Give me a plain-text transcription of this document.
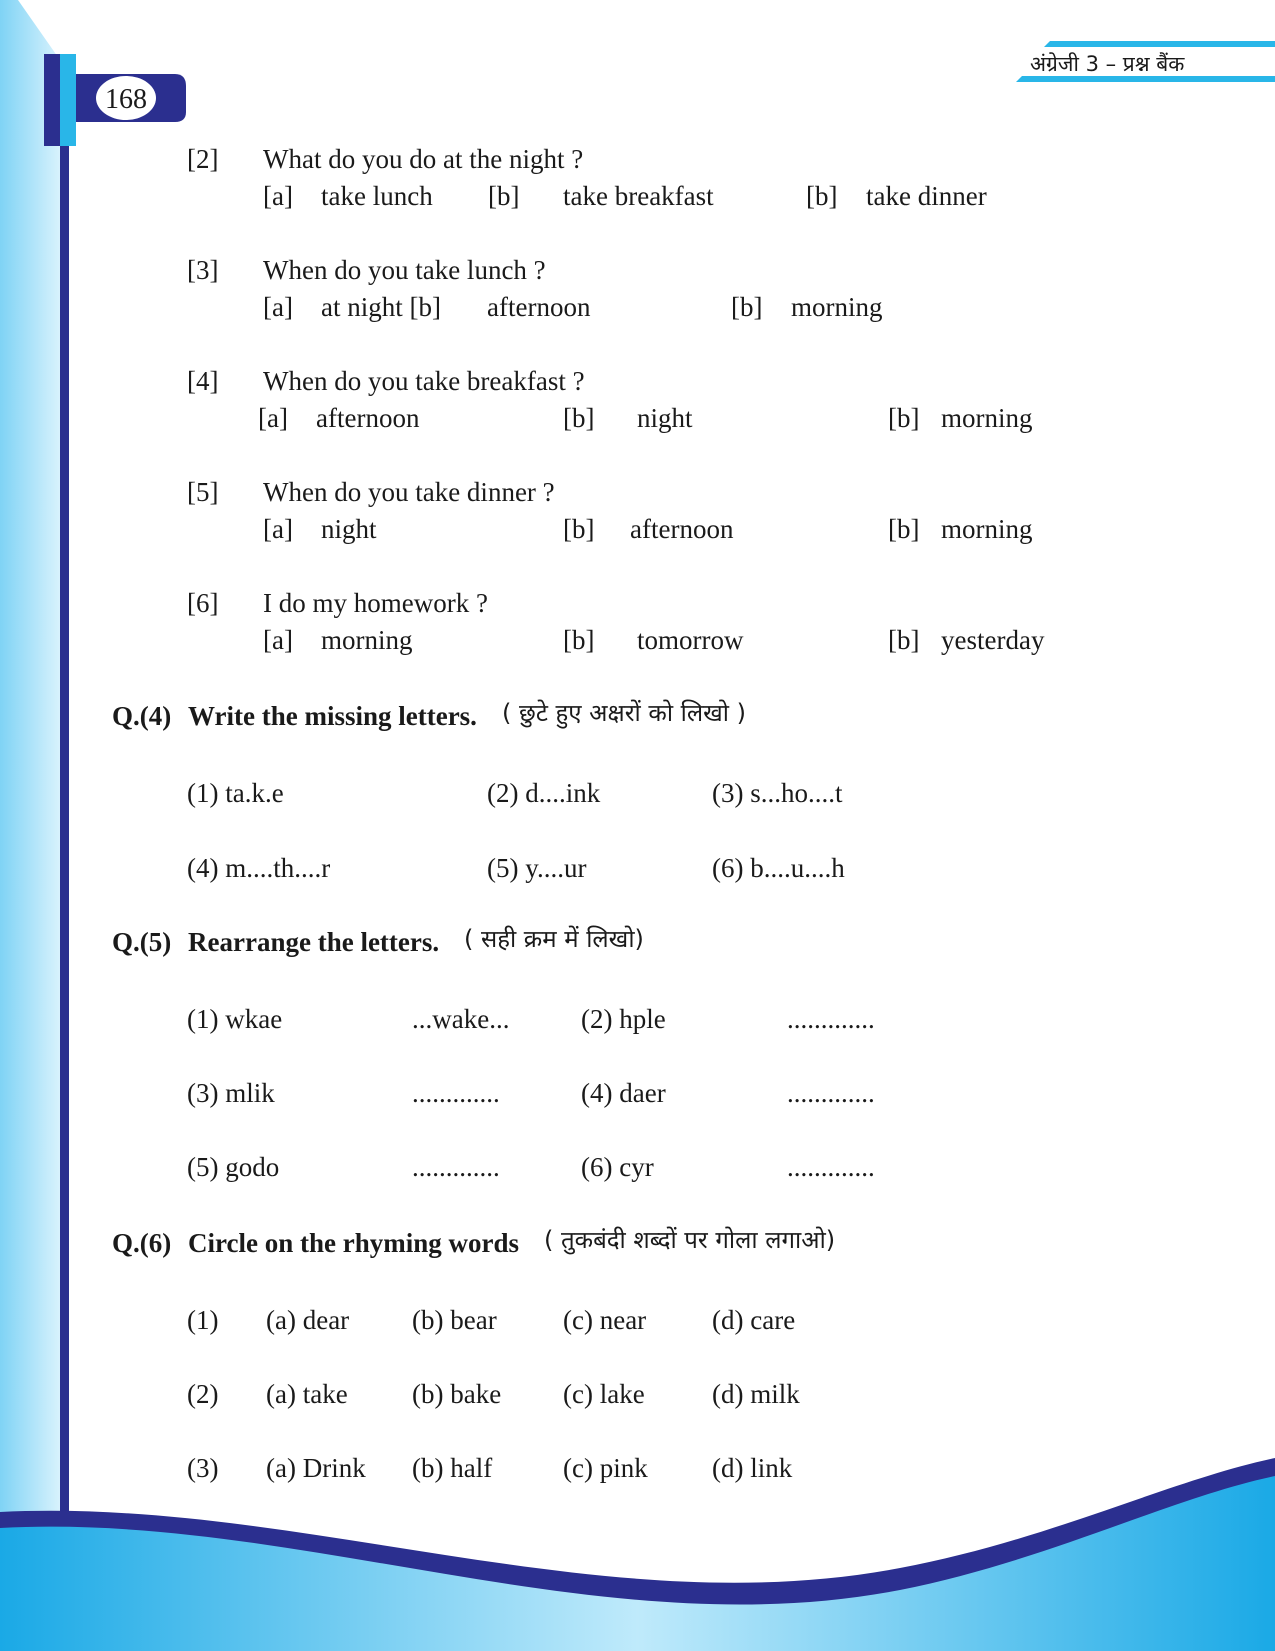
168
अंग्रेजी 3 – प्रश्न बैंक
[2] What do you do at the night ?
[a] take lunch [b] take breakfast	[b] take dinner
[3] When do you take lunch ?
[a] at night [b] afternoon	[b] morning
[4] When do you take breakfast ?
[a] afternoon	[b] night	[b] morning
[5] When do you take dinner ?
[a] night	[b] afternoon	[b] morning
[6] I do my homework ?
[a] morning	[b] tomorrow	[b] yesterday
Q.(4) Write the missing letters. ( छुटे हुए अक्षरों को लिखो )
(1) ta.k.e	(2) d....ink	(3) s...ho....t
(4) m....th....r	(5) y....ur	(6) b....u....h
Q.(5) Rearrange the letters. ( सही क्रम में लिखो)
(1) wkae	...wake...	(2) hple	.............
(3) mlik	.............	(4) daer	.............
(5) godo	.............	(6) cyr	.............
Q.(6) Circle on the rhyming words ( तुकबंदी शब्दों पर गोला लगाओ)
(1) (a) dear (b) bear (c) near (d) care
(2) (a) take (b) bake (c) lake (d) milk
(3) (a) Drink (b) half	(c) pink (d) link
